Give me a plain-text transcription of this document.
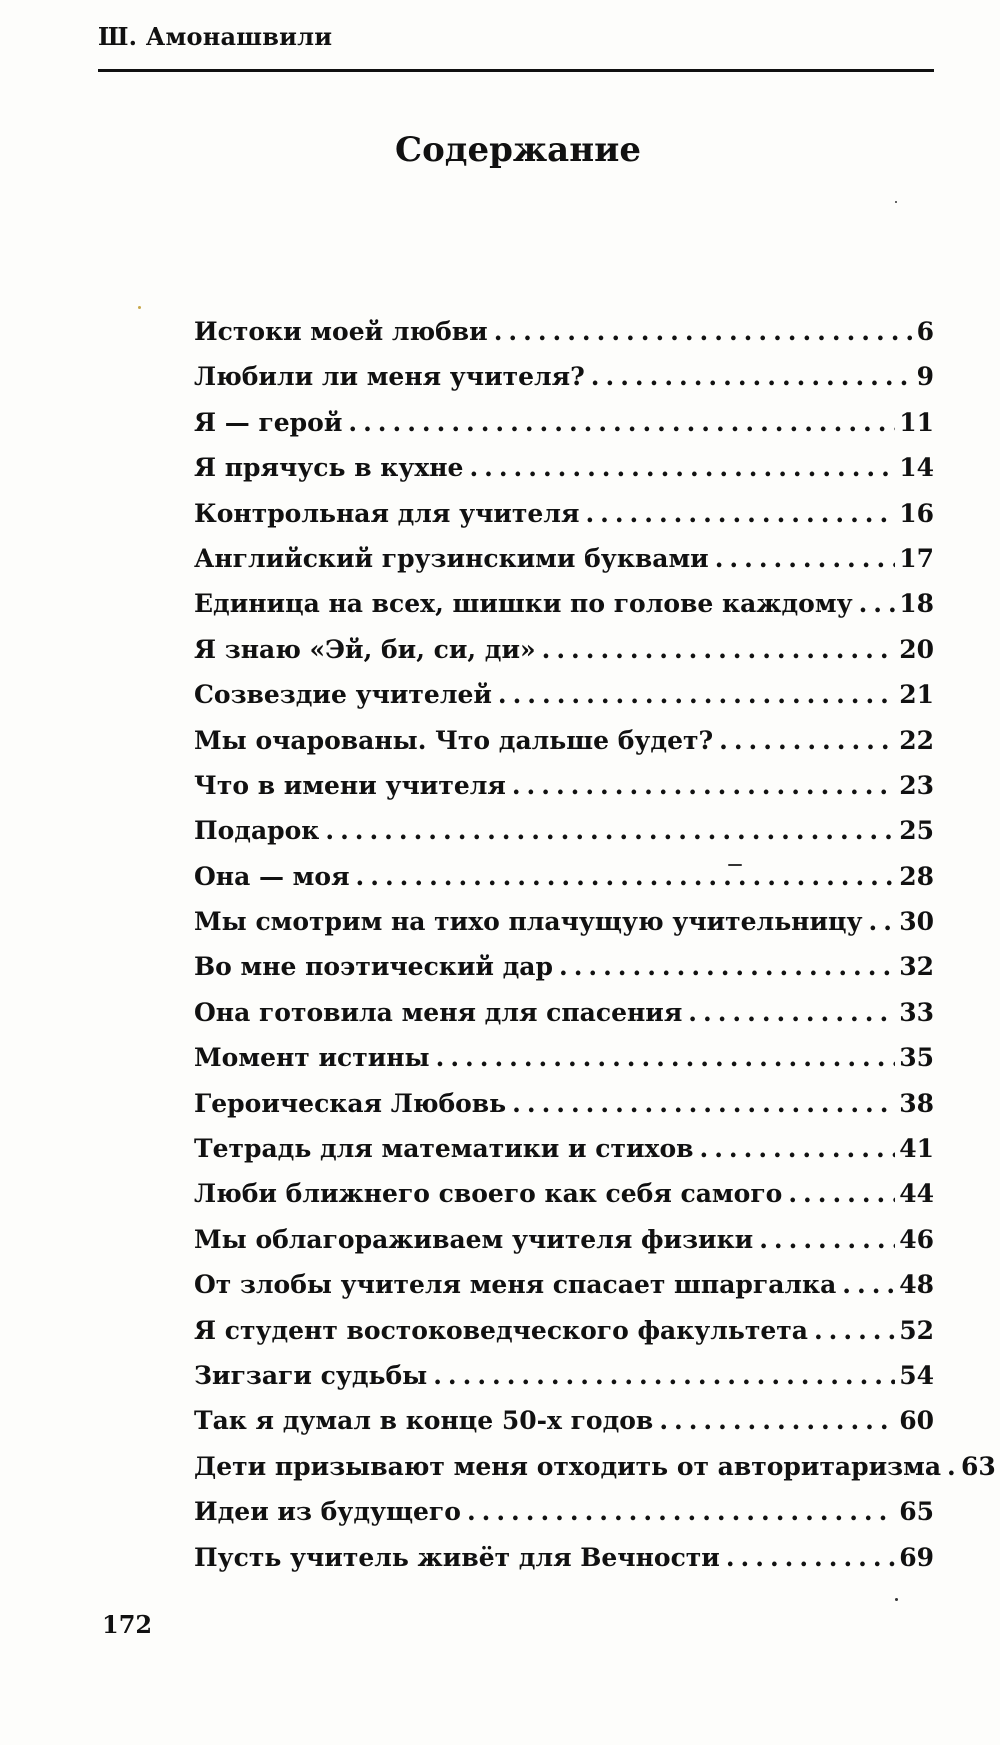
Ш. Амонашвили
Содержание
Истоки моей любви .....	6
Любили ли меня учителя? .....	9
Я — герой .....	11
Я прячусь в кухне .....	14
Контрольная для учителя .....	16
Английский грузинскими буквами .....	17
Единица на всех, шишки по голове каждому ..... 18
Я знаю «Эй, би, си, ди» .....	20
Созвездие учителей .....	21
Мы очарованы. Что дальше будет? .....	22
Что в имени учителя .....	23
Подарок .....	25
Она — моя .....	28
Мы смотрим на тихо плачущую учительницу ..... 30
Во мне поэтический дар .....	32
Она готовила меня для спасения .....	33
Момент истины .....	35
Героическая Любовь .....	38
Тетрадь для математики и стихов .....	41
Люби ближнего своего как себя самого .....	44
Мы облагораживаем учителя физики .....	46
От злобы учителя меня спасает шпаргалка .....	48
Я студент востоковедческого факультета .....	52
Зигзаги судьбы .....	54
Так я думал в конце 50-х годов .....	60
Дети призывают меня отходить от авторитаризма ..... 63
Идеи из будущего .....	65
Пусть учитель живёт для Вечности .....	69
172
